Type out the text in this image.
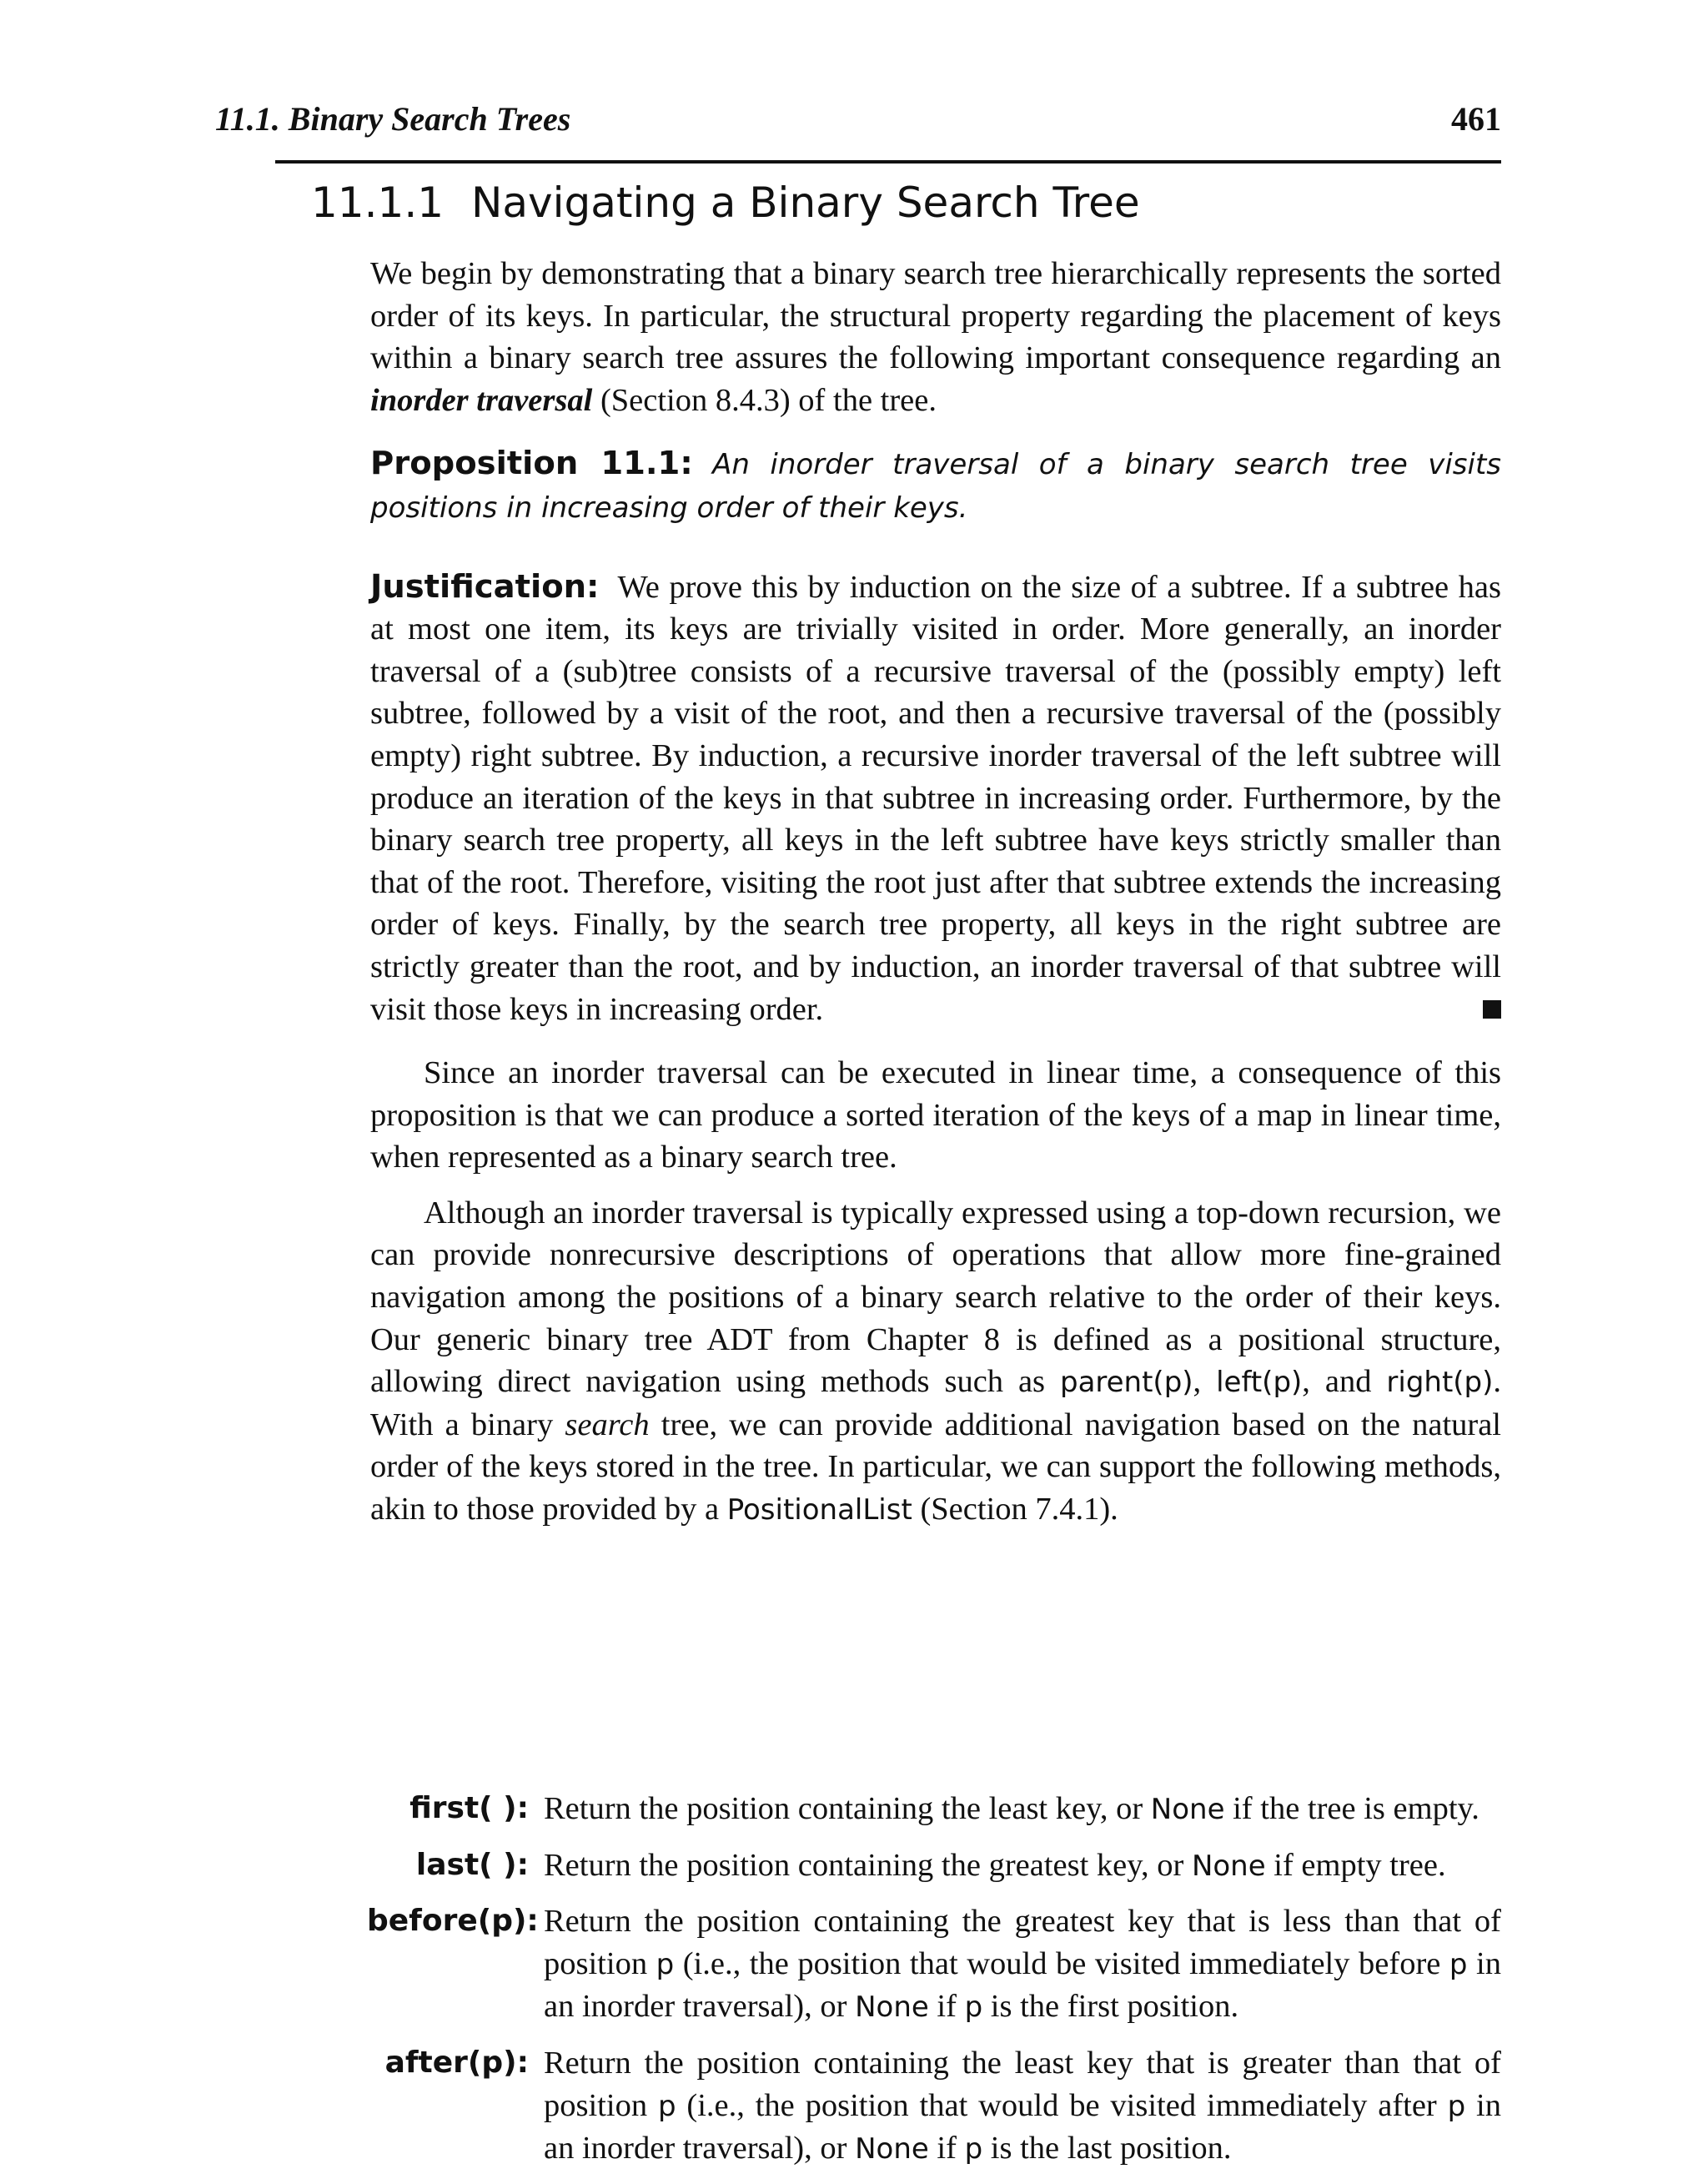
11.1. Binary Search Trees	461
11.1.1 Navigating a Binary Search Tree

We begin by demonstrating that a binary search tree hierarchically represents the sorted order of its keys. In particular, the structural property regarding the placement of keys within a binary search tree assures the following important consequence regarding an inorder traversal (Section 8.4.3) of the tree.

Proposition 11.1: An inorder traversal of a binary search tree visits positions in increasing order of their keys.

Justification: We prove this by induction on the size of a subtree. If a subtree has at most one item, its keys are trivially visited in order. More generally, an inorder traversal of a (sub)tree consists of a recursive traversal of the (possibly empty) left subtree, followed by a visit of the root, and then a recursive traversal of the (possibly empty) right subtree. By induction, a recursive inorder traversal of the left subtree will produce an iteration of the keys in that subtree in increasing order. Furthermore, by the binary search tree property, all keys in the left subtree have keys strictly smaller than that of the root. Therefore, visiting the root just after that subtree extends the increasing order of keys. Finally, by the search tree property, all keys in the right subtree are strictly greater than the root, and by induction, an inorder traversal of that subtree will visit those keys in increasing order.

Since an inorder traversal can be executed in linear time, a consequence of this proposition is that we can produce a sorted iteration of the keys of a map in linear time, when represented as a binary search tree.

Although an inorder traversal is typically expressed using a top-down recursion, we can provide nonrecursive descriptions of operations that allow more fine-grained navigation among the positions of a binary search relative to the order of their keys. Our generic binary tree ADT from Chapter 8 is defined as a positional structure, allowing direct navigation using methods such as parent(p), left(p), and right(p). With a binary search tree, we can provide additional navigation based on the natural order of the keys stored in the tree. In particular, we can support the following methods, akin to those provided by a PositionalList (Section 7.4.1).

first( ): Return the position containing the least key, or None if the tree is empty.
last( ): Return the position containing the greatest key, or None if empty tree.
before(p): Return the position containing the greatest key that is less than that of position p (i.e., the position that would be visited immediately before p in an inorder traversal), or None if p is the first position.
after(p): Return the position containing the least key that is greater than that of position p (i.e., the position that would be visited immediately after p in an inorder traversal), or None if p is the last position.
